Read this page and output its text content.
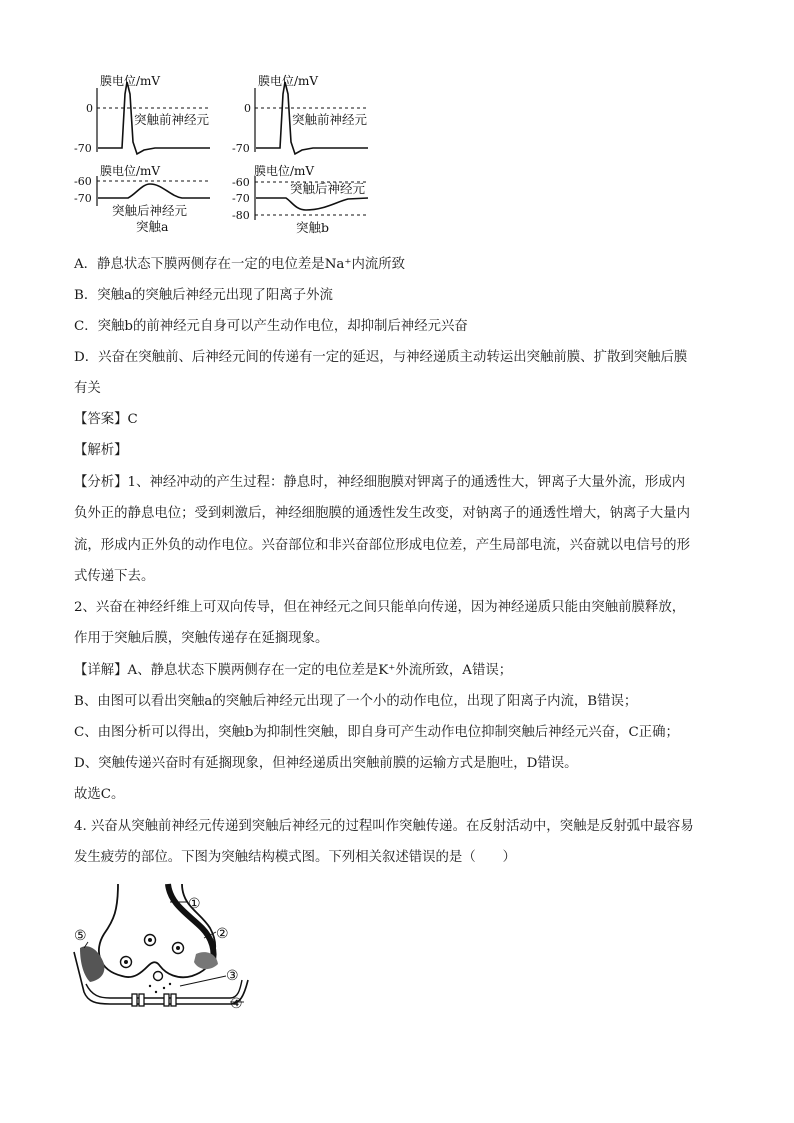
膜电位/mV
0
-70
突触前神经元
膜电位/mV
-60
-70
突触后神经元
突触a
膜电位/mV
0
-70
突触前神经元
膜电位/mV
-60
-70
-80
突触后神经元
突触b
A．静息状态下膜两侧存在一定的电位差是Na⁺内流所致
B．突触a的突触后神经元出现了阳离子外流
C．突触b的前神经元自身可以产生动作电位，却抑制后神经元兴奋
D．兴奋在突触前、后神经元间的传递有一定的延迟，与神经递质主动转运出突触前膜、扩散到突触后膜
有关
【答案】C
【解析】
【分析】1、神经冲动的产生过程：静息时，神经细胞膜对钾离子的通透性大，钾离子大量外流，形成内
负外正的静息电位；受到刺激后，神经细胞膜的通透性发生改变，对钠离子的通透性增大，钠离子大量内
流，形成内正外负的动作电位。兴奋部位和非兴奋部位形成电位差，产生局部电流，兴奋就以电信号的形
式传递下去。
2、兴奋在神经纤维上可双向传导，但在神经元之间只能单向传递，因为神经递质只能由突触前膜释放，
作用于突触后膜，突触传递存在延搁现象。
【详解】A、静息状态下膜两侧存在一定的电位差是K⁺外流所致，A错误；
B、由图可以看出突触a的突触后神经元出现了一个小的动作电位，出现了阳离子内流，B错误；
C、由图分析可以得出，突触b为抑制性突触，即自身可产生动作电位抑制突触后神经元兴奋，C正确；
D、突触传递兴奋时有延搁现象，但神经递质出突触前膜的运输方式是胞吐，D错误。
故选C。
4. 兴奋从突触前神经元传递到突触后神经元的过程叫作突触传递。在反射活动中，突触是反射弧中最容易
发生疲劳的部位。下图为突触结构模式图。下列相关叙述错误的是（　　）
①
②
③
④
⑤
